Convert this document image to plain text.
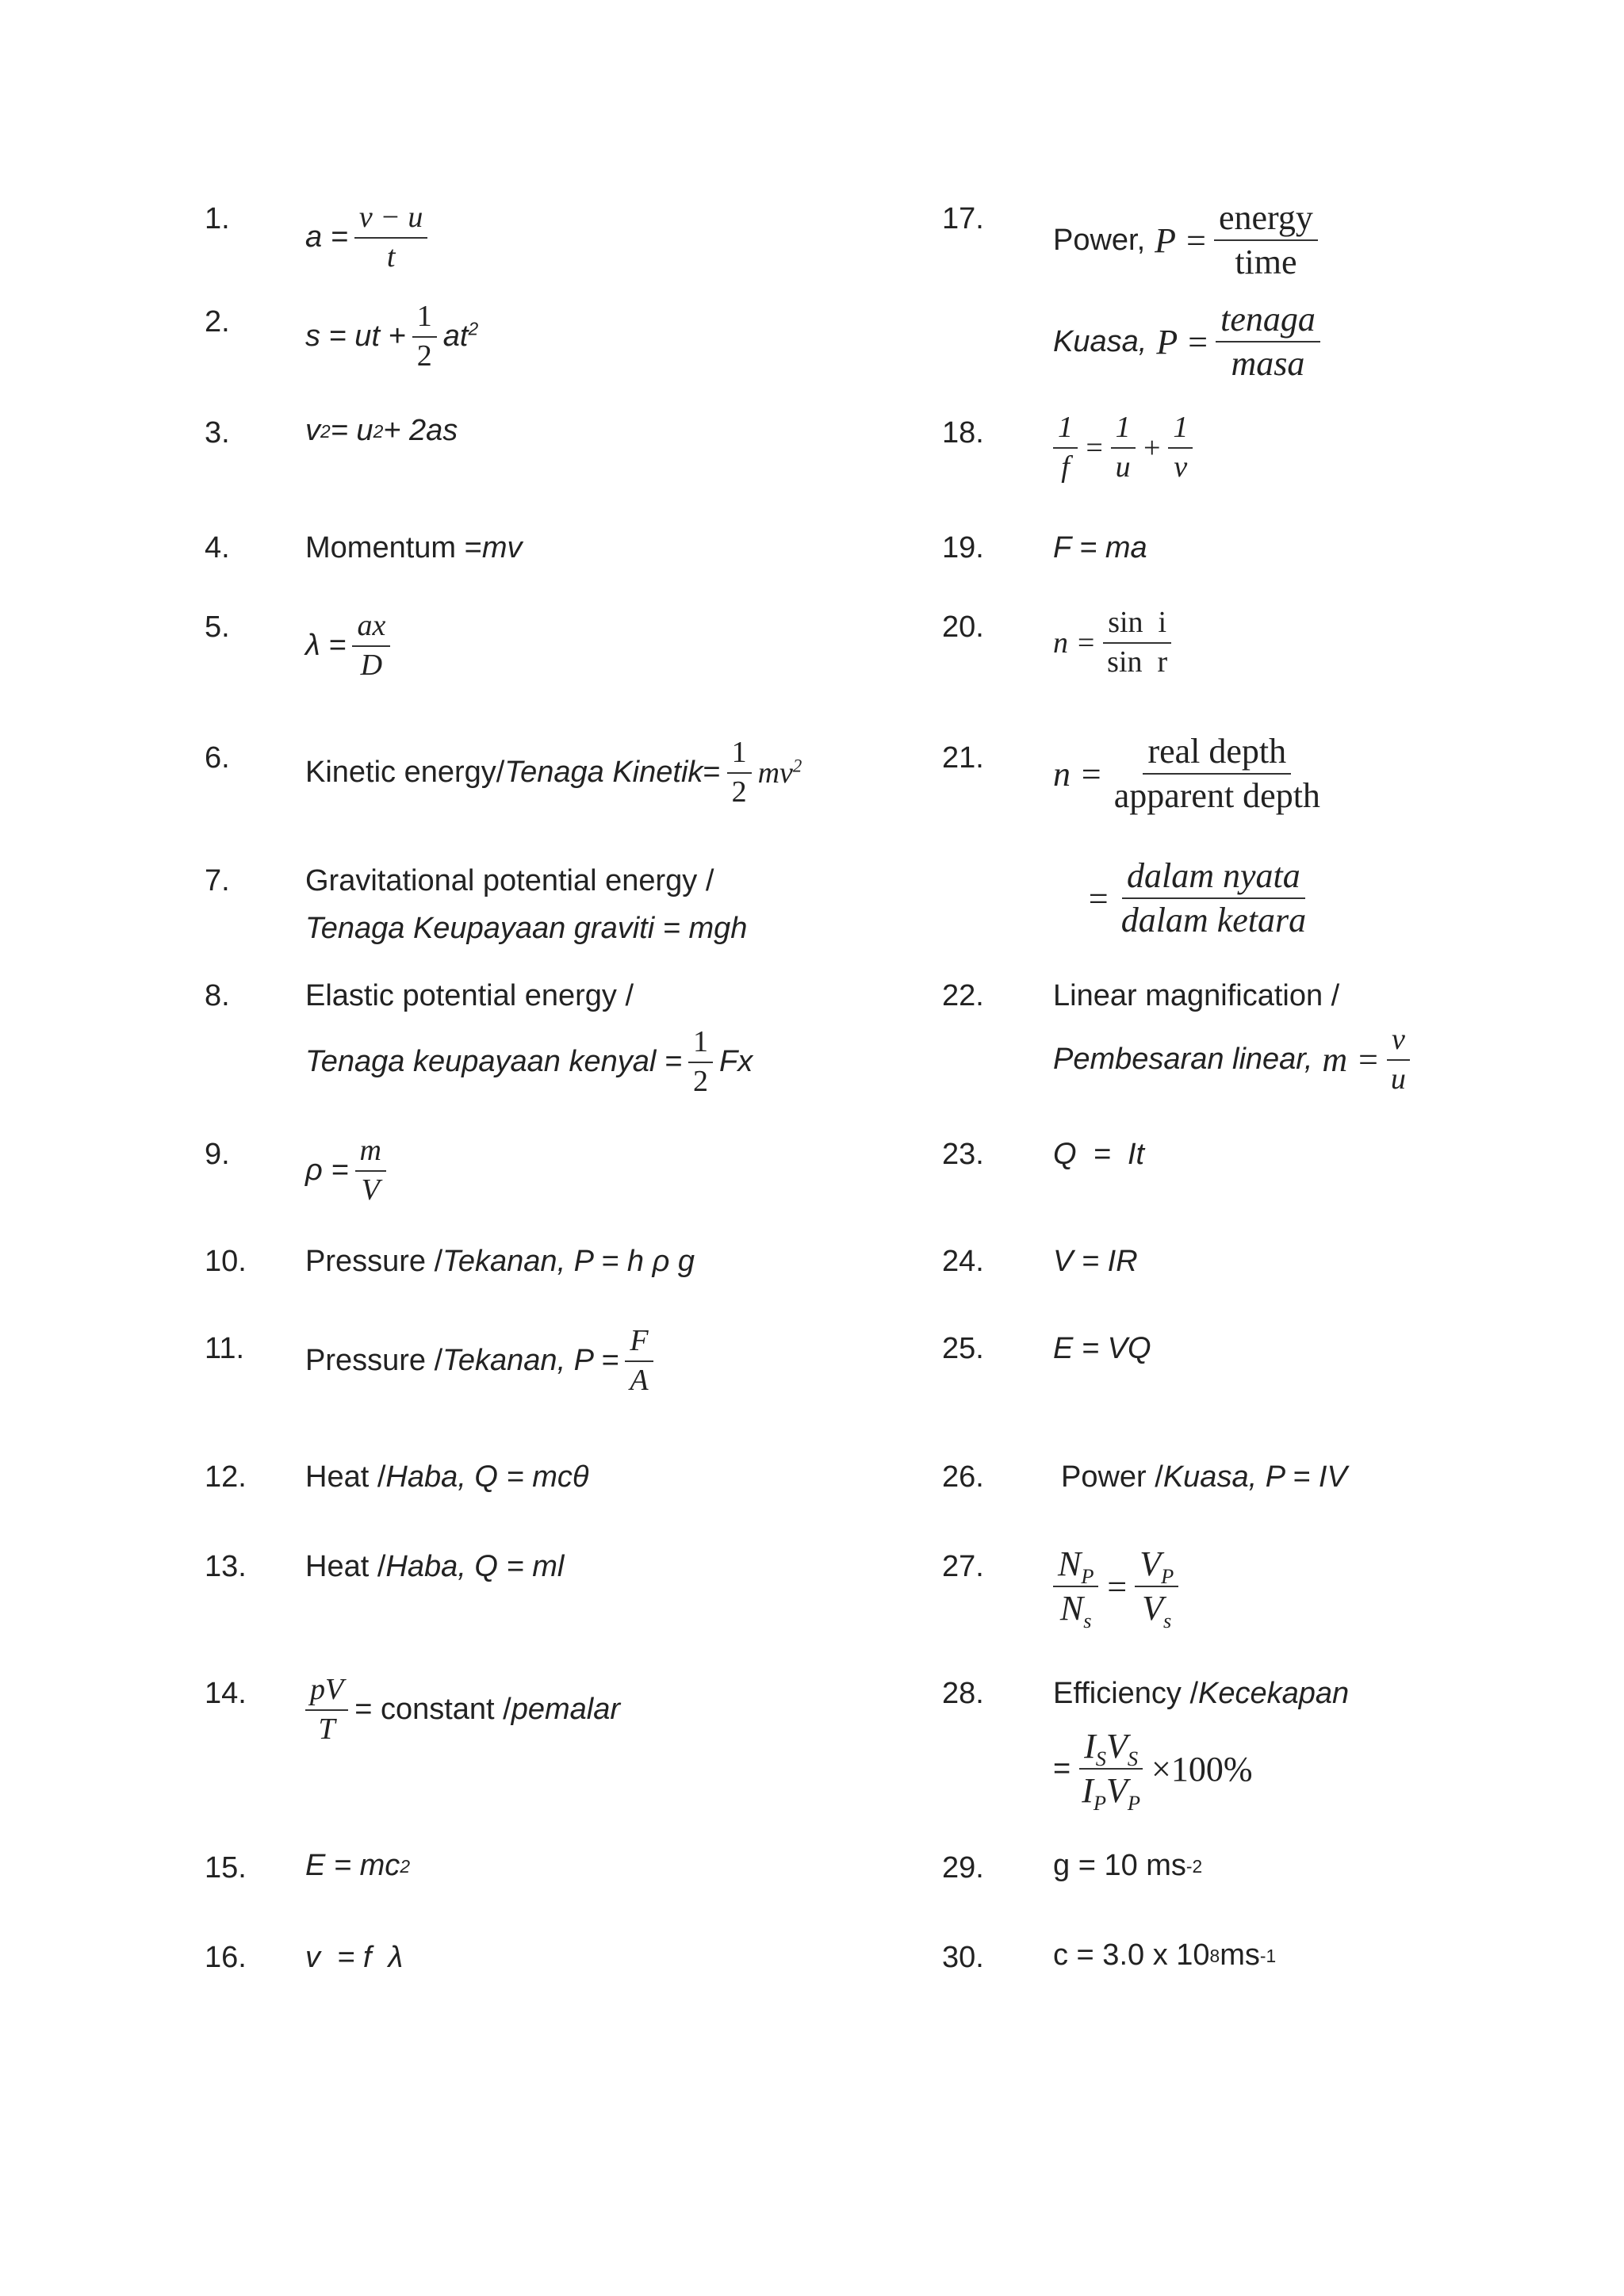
1.
$a = \frac{v - u}{t}$
2.	s = ut + $\frac{1}{2} at^2$
3.	v 2 = u 2 + 2as
4.	Momentum = mv
5.
$\lambda = \frac{ax}{D}$
6.	Kinetic energy/ Tenaga Kinetik = $\frac{1}{2} mv^2$
7.	Gravitational potential energy /
Tenaga Keupayaan graviti = mgh
8.	Elastic potential energy /
Tenaga keupayaan kenyal = $\frac{1}{2}$ Fx
9.	$\rho = \frac{m}{V}$
10. Pressure / Tekanan, P = h ρ g
11. Pressure / Tekanan, $P = \frac{F}{A}$
12. Heat / Haba, Q = mcθ
13. Heat / Haba, Q = ml
14. $\frac{pV}{T}$ = constant / pemalar
15. E = mc 2
16. v  = f  λ
17.
Power, $P = \frac{\text{energy}}{\text{time}}$
Kuasa, $P = \frac{\text{tenaga}}{\text{masa}}$
18. $\frac{1}{f} = \frac{1}{u} + \frac{1}{v}$
19. F = ma
20. $n = \frac{\text{sin  i}}{\text{sin  r}}$
21. $n = \frac{\text{real depth}}{\text{apparent depth}}$
= $\frac{\text{dalam nyata}}{\text{dalam ketara}}$
22. Linear magnification /
Pembesaran linear, $m = \frac{v}{u}$
23. Q  =  It
24. V = IR
25. E = VQ
26.	Power / Kuasa, P = IV
27. $\frac{N_P}{N_s} = \frac{V_P}{V_s}$
28. Efficiency / Kecekapan
= $\frac{I_SV_S}{I_PV_P} \times 100\%$
29. g = 10 ms -2
30. c = 3.0 x 10 8 ms -1
